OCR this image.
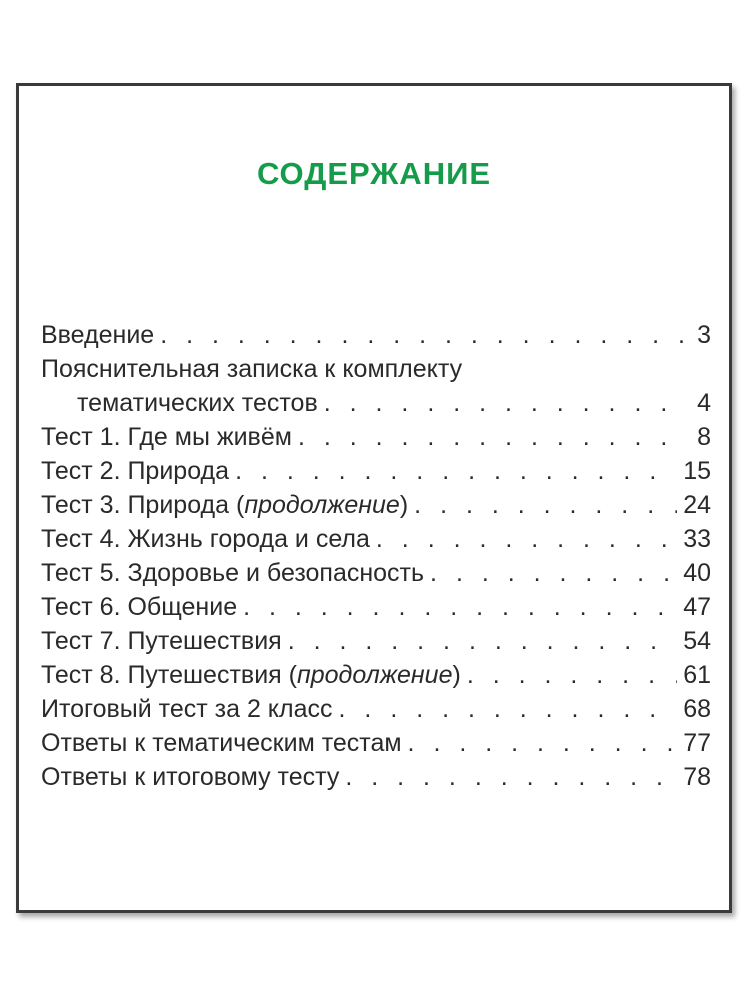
СОДЕРЖАНИЕ
Введение . . .	3
Пояснительная записка к комплекту
тематических тестов . . .	4
Тест 1. Где мы живём . . .	8
Тест 2. Природа . . .	15
Тест 3. Природа (продолжение) . . .	24
Тест 4. Жизнь города и села . . .	33
Тест 5. Здоровье и безопасность . . .	40
Тест 6. Общение . . .	47
Тест 7. Путешествия . . .	54
Тест 8. Путешествия (продолжение) . . .	61
Итоговый тест за 2 класс . . .	68
Ответы к тематическим тестам . . .	77
Ответы к итоговому тесту . . .	78
